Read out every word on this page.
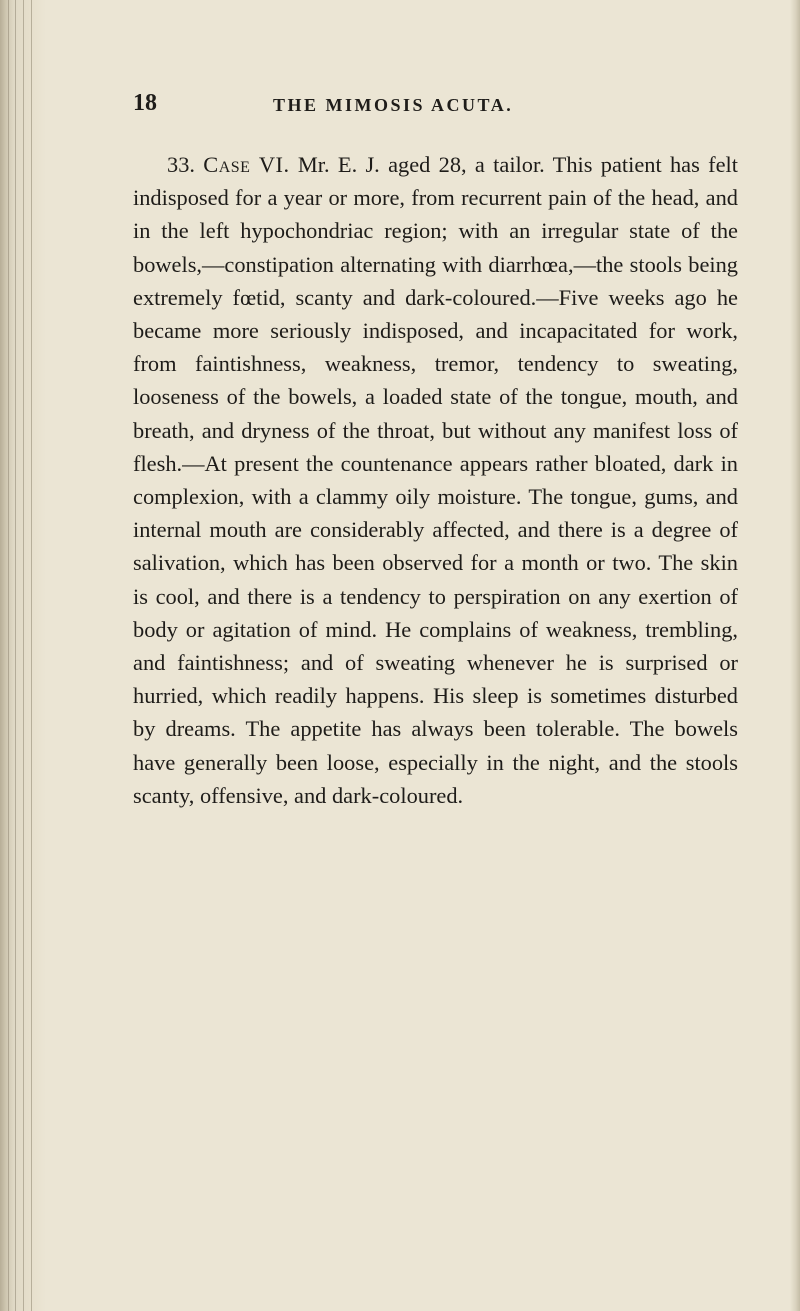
18	THE MIMOSIS ACUTA.

33. Case VI. Mr. E. J. aged 28, a tailor. This patient has felt indisposed for a year or more, from recurrent pain of the head, and in the left hypochondriac region; with an irregular state of the bowels,—constipation alternating with diarrhœa,—the stools being extremely fœtid, scanty and dark-coloured.—Five weeks ago he became more seriously indisposed, and incapacitated for work, from faintishness, weakness, tremor, tendency to sweating, looseness of the bowels, a loaded state of the tongue, mouth, and breath, and dryness of the throat, but without any manifest loss of flesh.—At present the countenance appears rather bloated, dark in complexion, with a clammy oily moisture. The tongue, gums, and internal mouth are considerably affected, and there is a degree of salivation, which has been observed for a month or two. The skin is cool, and there is a tendency to perspiration on any exertion of body or agitation of mind. He complains of weakness, trembling, and faintishness; and of sweating whenever he is surprised or hurried, which readily happens. His sleep is sometimes disturbed by dreams. The appetite has always been tolerable. The bowels have generally been loose, especially in the night, and the stools scanty, offensive, and dark-coloured.
